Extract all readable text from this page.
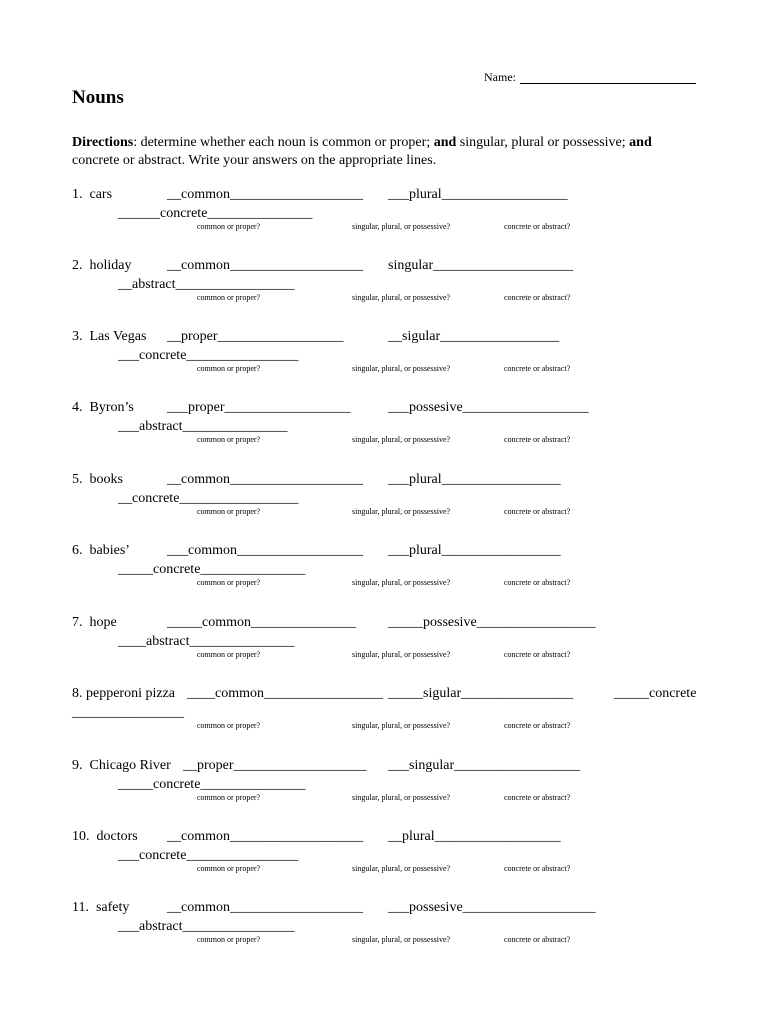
Name:
Nouns
Directions: determine whether each noun is common or proper; and singular, plural or possessive; and concrete or abstract. Write your answers on the appropriate lines.
1.  cars	__common___________________ ___plural__________________
______concrete_______________
common or proper?	singular, plural, or possessive?	concrete or abstract?
2.  holiday	__common___________________ singular____________________
__abstract_________________
common or proper?	singular, plural, or possessive?	concrete or abstract?
3.  Las Vegas __proper__________________	__sigular_________________
___concrete________________
common or proper?	singular, plural, or possessive?	concrete or abstract?
4.  Byron’s ___proper__________________	___possesive__________________
___abstract_______________
common or proper?	singular, plural, or possessive?	concrete or abstract?
5.  books	__common___________________ ___plural_________________
__concrete_________________
common or proper?	singular, plural, or possessive?	concrete or abstract?
6.  babies’	___common__________________ ___plural_________________
_____concrete_______________
common or proper?	singular, plural, or possessive?	concrete or abstract?
7.  hope	_____common_______________ _____possesive_________________
____abstract_______________
common or proper?	singular, plural, or possessive?	concrete or abstract?
8. pepperoni pizza ____common_________________ _____sigular________________	_____concrete
________________
common or proper?	singular, plural, or possessive?	concrete or abstract?
9.  Chicago River __proper___________________ ___singular__________________
_____concrete_______________
common or proper?	singular, plural, or possessive?	concrete or abstract?
10.  doctors __common___________________ __plural__________________
___concrete________________
common or proper?	singular, plural, or possessive?	concrete or abstract?
11.  safety	__common___________________ ___possesive___________________
___abstract________________
common or proper?	singular, plural, or possessive?	concrete or abstract?
